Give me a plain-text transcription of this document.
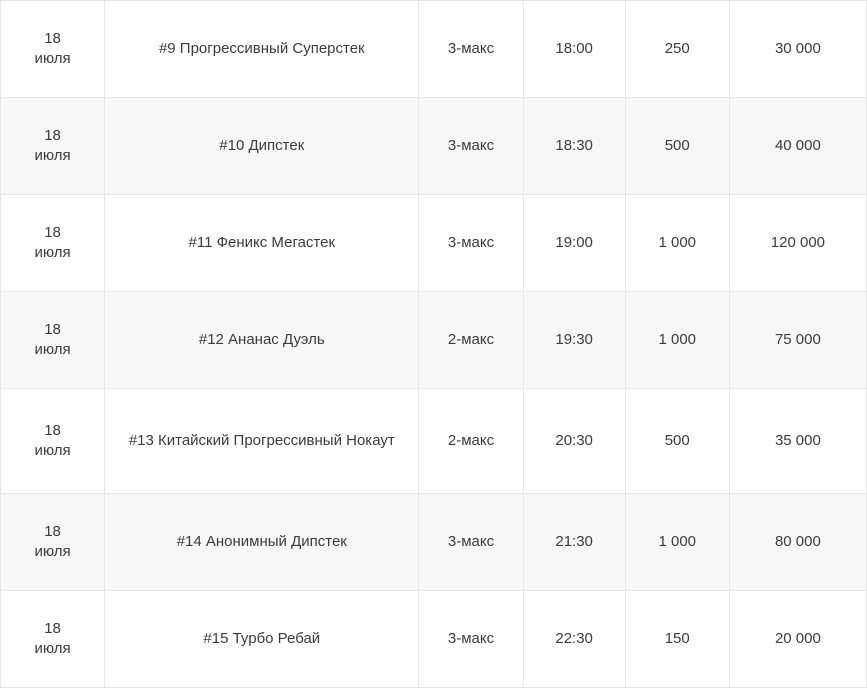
18
июля	#9 Прогрессивный Суперстек	3-макс	18:00	250	30 000

18
июля	#10 Дипстек	3-макс	18:30	500	40 000

18
июля	#11 Феникс Мегастек	3-макс	19:00	1 000	120 000

18
июля	#12 Ананас Дуэль	2-макс	19:30	1 000	75 000

18
июля	#13 Китайский Прогрессивный Нокаут	2-макс	20:30	500	35 000

18
июля	#14 Анонимный Дипстек	3-макс	21:30	1 000	80 000

18
июля	#15 Турбо Ребай	3-макс	22:30	150	20 000
